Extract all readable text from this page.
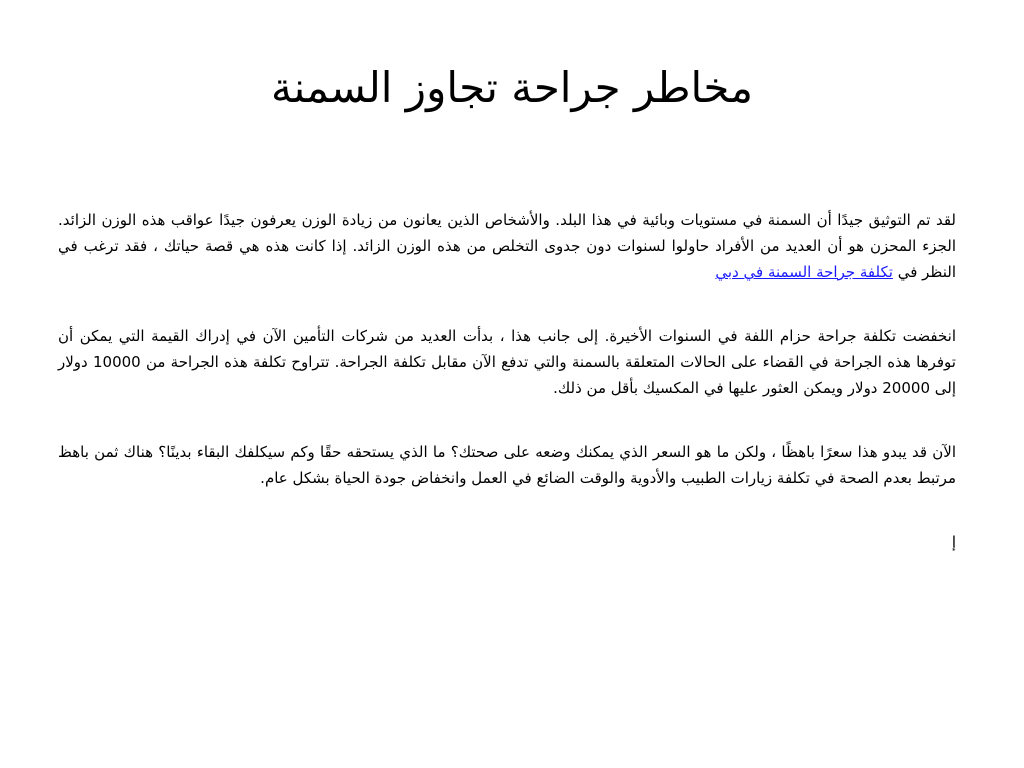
مخاطر جراحة تجاوز السمنة

لقد تم التوثيق جيدًا أن السمنة في مستويات وبائية في هذا البلد. والأشخاص الذين يعانون من زيادة الوزن يعرفون جيدًا عواقب هذه الوزن الزائد. الجزء المحزن هو أن العديد من الأفراد حاولوا لسنوات دون جدوى التخلص من هذه الوزن الزائد. إذا كانت هذه هي قصة حياتك ، فقد ترغب في النظر في تكلفة جراحة السمنة في دبي

انخفضت تكلفة جراحة حزام اللفة في السنوات الأخيرة. إلى جانب هذا ، بدأت العديد من شركات التأمين الآن في إدراك القيمة التي يمكن أن توفرها هذه الجراحة في القضاء على الحالات المتعلقة بالسمنة والتي تدفع الآن مقابل تكلفة الجراحة. تتراوح تكلفة هذه الجراحة من 10000 دولار إلى 20000 دولار ويمكن العثور عليها في المكسيك بأقل من ذلك.

الآن قد يبدو هذا سعرًا باهظًا ، ولكن ما هو السعر الذي يمكنك وضعه على صحتك؟ ما الذي يستحقه حقًا وكم سيكلفك البقاء بدينًا؟ هناك ثمن باهظ مرتبط بعدم الصحة في تكلفة زيارات الطبيب والأدوية والوقت الضائع في العمل وانخفاض جودة الحياة بشكل عام.

إ
